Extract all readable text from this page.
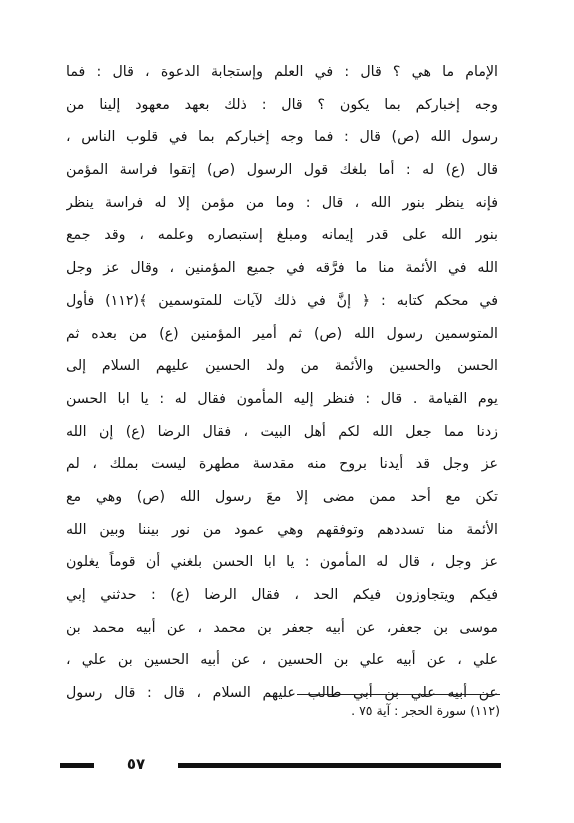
الإمام ما هي ؟ قال : في العلم وإستجابة الدعوة ، قال : فما
وجه إخباركم بما يكون ؟ قال : ذلك بعهد معهود إلينا من
رسول الله (ص) قال : فما وجه إخباركم بما في قلوب الناس ،
قال (ع) له : أما بلغك قول الرسول (ص) إتقوا فراسة المؤمن
فإنه ينظر بنور الله ، قال : وما من مؤمن إلا له فراسة ينظر
بنور الله على قدر إيمانه ومبلغ إستبصاره وعلمه ، وقد جمع
الله في الأئمة منا ما فرَّقه في جميع المؤمنين ، وقال عز وجل
في محكم كتابه : ﴿ إنَّ في ذلك لآيات للمتوسمين ﴾(١١٢) فأول
المتوسمين رسول الله (ص) ثم أمير المؤمنين (ع) من بعده ثم
الحسن والحسين والأئمة من ولد الحسين عليهم السلام إلى
يوم القيامة . قال : فنظر إليه المأمون فقال له : يا ابا الحسن
زدنا مما جعل الله لكم أهل البيت ، فقال الرضا (ع) إن الله
عز وجل قد أيدنا بروح منه مقدسة مطهرة ليست بملك ، لم
تكن مع أحد ممن مضى إلا معَ رسول الله (ص) وهي مع
الأئمة منا تسددهم وتوفقهم وهي عمود من نور بيننا وبين الله
عز وجل ، قال له المأمون : يا ابا الحسن بلغني أن قوماً يغلون
فيكم ويتجاوزون فيكم الحد ، فقال الرضا (ع) : حدثني إبي
موسى بن جعفر، عن أبيه جعفر بن محمد ، عن أبيه محمد بن
علي ، عن أبيه علي بن الحسين ، عن أبيه الحسين بن علي ،
عن أبيه علي بن أبي طالب عليهم السلام ، قال : قال رسول
(١١٢) سورة الحجر : آية ٧٥ .
٥٧
